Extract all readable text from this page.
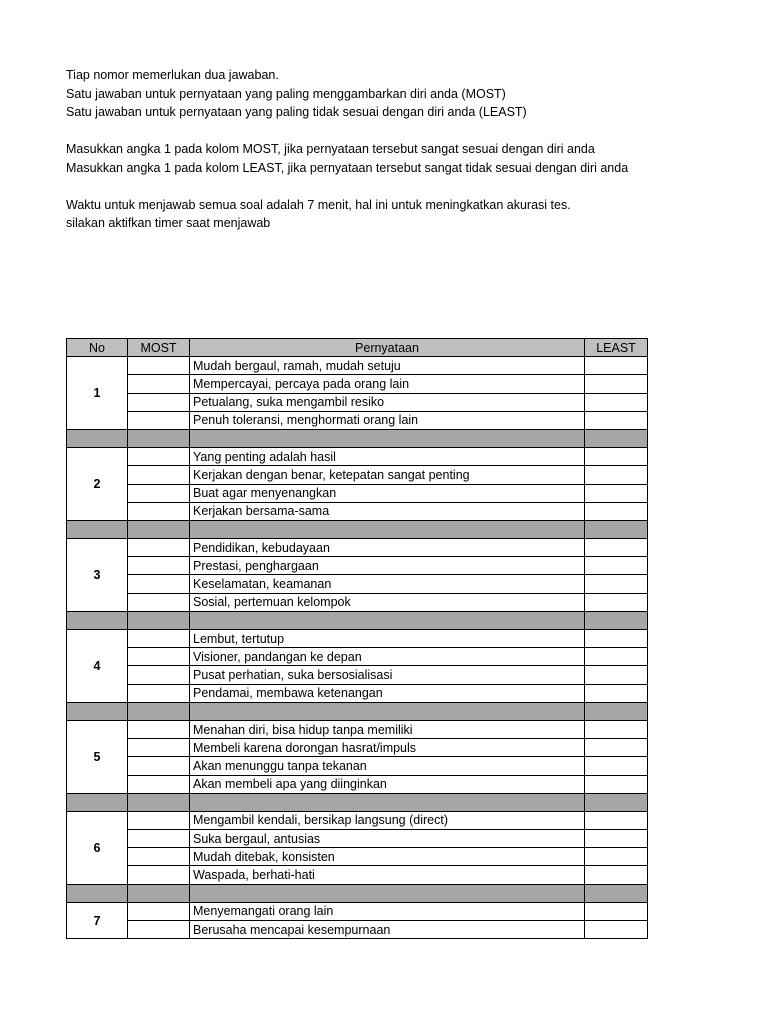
Tiap nomor memerlukan dua jawaban.

Satu jawaban untuk pernyataan yang paling menggambarkan diri anda (MOST)

Satu jawaban untuk pernyataan yang paling tidak sesuai dengan diri anda (LEAST)

Masukkan angka 1 pada kolom MOST, jika pernyataan tersebut sangat sesuai dengan diri anda

Masukkan angka 1 pada kolom LEAST, jika pernyataan tersebut sangat tidak sesuai dengan diri anda

Waktu untuk menjawab semua soal adalah 7 menit, hal ini untuk meningkatkan akurasi tes.

silakan aktifkan timer saat menjawab

No	MOST	Pernyataan	LEAST
1		Mudah bergaul, ramah, mudah setuju	
		Mempercayai, percaya pada orang lain	
		Petualang, suka mengambil resiko	
		Penuh toleransi, menghormati orang lain	

2		Yang penting adalah hasil	
		Kerjakan dengan benar, ketepatan sangat penting	
		Buat agar menyenangkan	
		Kerjakan bersama-sama	

3		Pendidikan, kebudayaan	
		Prestasi, penghargaan	
		Keselamatan, keamanan	
		Sosial, pertemuan kelompok	

4		Lembut, tertutup	
		Visioner, pandangan ke depan	
		Pusat perhatian, suka bersosialisasi	
		Pendamai, membawa ketenangan	

5		Menahan diri, bisa hidup tanpa memiliki	
		Membeli karena dorongan hasrat/impuls	
		Akan menunggu tanpa tekanan	
		Akan membeli apa yang diinginkan	

6		Mengambil kendali, bersikap langsung (direct)	
		Suka bergaul, antusias	
		Mudah ditebak, konsisten	
		Waspada, berhati-hati	

7		Menyemangati orang lain	
		Berusaha mencapai kesempurnaan	
